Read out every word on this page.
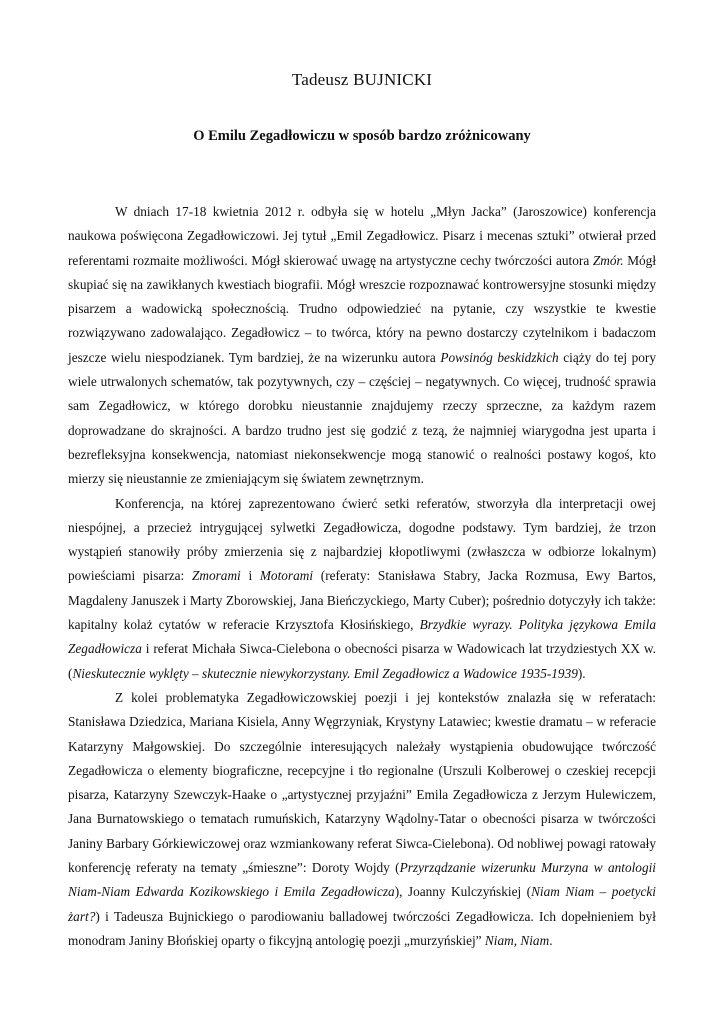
Tadeusz BUJNICKI
O Emilu Zegadłowiczu w sposób bardzo zróżnicowany

W dniach 17-18 kwietnia 2012 r. odbyła się w hotelu „Młyn Jacka” (Jaroszowice) konferencja naukowa poświęcona Zegadłowiczowi. Jej tytuł „Emil Zegadłowicz. Pisarz i mecenas sztuki” otwierał przed referentami rozmaite możliwości. Mógł skierować uwagę na artystyczne cechy twórczości autora Zmór. Mógł skupiać się na zawikłanych kwestiach biografii. Mógł wreszcie rozpoznawać kontrowersyjne stosunki między pisarzem a wadowicką społecznością. Trudno odpowiedzieć na pytanie, czy wszystkie te kwestie rozwiązywano zadowalająco. Zegadłowicz – to twórca, który na pewno dostarczy czytelnikom i badaczom jeszcze wielu niespodzianek. Tym bardziej, że na wizerunku autora Powsinóg beskidzkich ciąży do tej pory wiele utrwalonych schematów, tak pozytywnych, czy – częściej – negatywnych. Co więcej, trudność sprawia sam Zegadłowicz, w którego dorobku nieustannie znajdujemy rzeczy sprzeczne, za każdym razem doprowadzane do skrajności. A bardzo trudno jest się godzić z tezą, że najmniej wiarygodna jest uparta i bezrefleksyjna konsekwencja, natomiast niekonsekwencje mogą stanowić o realności postawy kogoś, kto mierzy się nieustannie ze zmieniającym się światem zewnętrznym.

Konferencja, na której zaprezentowano ćwierć setki referatów, stworzyła dla interpretacji owej niespójnej, a przecież intrygującej sylwetki Zegadłowicza, dogodne podstawy. Tym bardziej, że trzon wystąpień stanowiły próby zmierzenia się z najbardziej kłopotliwymi (zwłaszcza w odbiorze lokalnym) powieściami pisarza: Zmorami i Motorami (referaty: Stanisława Stabry, Jacka Rozmusa, Ewy Bartos, Magdaleny Januszek i Marty Zborowskiej, Jana Bieńczyckiego, Marty Cuber); pośrednio dotyczyły ich także: kapitalny kolaż cytatów w referacie Krzysztofa Kłosińskiego, Brzydkie wyrazy. Polityka językowa Emila Zegadłowicza i referat Michała Siwca-Cielebona o obecności pisarza w Wadowicach lat trzydziestych XX w. (Nieskutecznie wyklęty – skutecznie niewykorzystany. Emil Zegadłowicz a Wadowice 1935-1939).

Z kolei problematyka Zegadłowiczowskiej poezji i jej kontekstów znalazła się w referatach: Stanisława Dziedzica, Mariana Kisiela, Anny Węgrzyniak, Krystyny Latawiec; kwestie dramatu – w referacie Katarzyny Małgowskiej. Do szczególnie interesujących należały wystąpienia obudowujące twórczość Zegadłowicza o elementy biograficzne, recepcyjne i tło regionalne (Urszuli Kolberowej o czeskiej recepcji pisarza, Katarzyny Szewczyk-Haake o „artystycznej przyjaźni” Emila Zegadłowicza z Jerzym Hulewiczem, Jana Burnatowskiego o tematach rumuńskich, Katarzyny Wądolny-Tatar o obecności pisarza w twórczości Janiny Barbary Górkiewiczowej oraz wzmiankowany referat Siwca-Cielebona). Od nobliwej powagi ratowały konferencję referaty na tematy „śmieszne”: Doroty Wojdy (Przyrządzanie wizerunku Murzyna w antologii Niam-Niam Edwarda Kozikowskiego i Emila Zegadłowicza), Joanny Kulczyńskiej (Niam Niam – poetycki żart?) i Tadeusza Bujnickiego o parodiowaniu balladowej twórczości Zegadłowicza. Ich dopełnieniem był monodram Janiny Błońskiej oparty o fikcyjną antologię poezji „murzyńskiej” Niam, Niam.
